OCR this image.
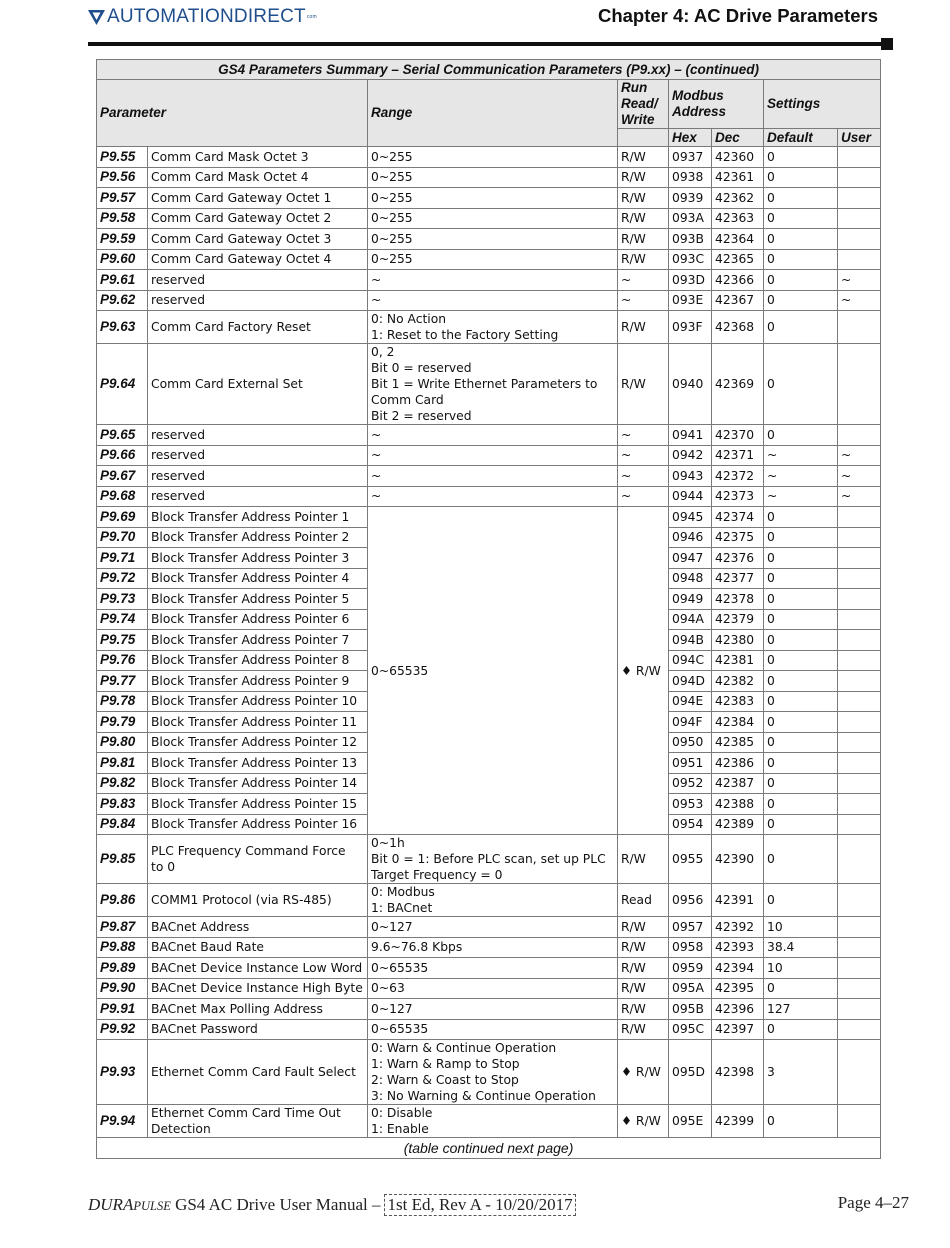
AUTOMATIONDIRECT com	Chapter 4: AC Drive Parameters
GS4 Parameters Summary – Serial Communication Parameters (P9.xx) – (continued)							
Parameter		Range	Run Read/ Write	Modbus Address		Settings	
				Hex	Dec	Default	User
P9.55	Comm Card Mask Octet 3	0~255	R/W	0937	42360	0	
P9.56	Comm Card Mask Octet 4	0~255	R/W	0938	42361	0	
P9.57	Comm Card Gateway Octet 1	0~255	R/W	0939	42362	0	
P9.58	Comm Card Gateway Octet 2	0~255	R/W	093A	42363	0	
P9.59	Comm Card Gateway Octet 3	0~255	R/W	093B	42364	0	
P9.60	Comm Card Gateway Octet 4	0~255	R/W	093C	42365	0	
P9.61	reserved	~	~	093D	42366	0	~
P9.62	reserved	~	~	093E	42367	0	~
P9.63	Comm Card Factory Reset	0: No Action
1: Reset to the Factory Setting	R/W	093F	42368	0	
P9.64	Comm Card External Set	0, 2
Bit 0 = reserved
Bit 1 = Write Ethernet Parameters to
Comm Card
Bit 2 = reserved	R/W	0940	42369	0	
P9.65	reserved	~	~	0941	42370	0	
P9.66	reserved	~	~	0942	42371	~	~
P9.67	reserved	~	~	0943	42372	~	~
P9.68	reserved	~	~	0944	42373	~	~
P9.69	Block Transfer Address Pointer 1	0~65535	♦ R/W	0945	42374	0	
P9.70	Block Transfer Address Pointer 2			0946	42375	0	
P9.71	Block Transfer Address Pointer 3			0947	42376	0	
P9.72	Block Transfer Address Pointer 4			0948	42377	0	
P9.73	Block Transfer Address Pointer 5			0949	42378	0	
P9.74	Block Transfer Address Pointer 6			094A	42379	0	
P9.75	Block Transfer Address Pointer 7			094B	42380	0	
P9.76	Block Transfer Address Pointer 8			094C	42381	0	
P9.77	Block Transfer Address Pointer 9			094D	42382	0	
P9.78	Block Transfer Address Pointer 10			094E	42383	0	
P9.79	Block Transfer Address Pointer 11			094F	42384	0	
P9.80	Block Transfer Address Pointer 12			0950	42385	0	
P9.81	Block Transfer Address Pointer 13			0951	42386	0	
P9.82	Block Transfer Address Pointer 14			0952	42387	0	
P9.83	Block Transfer Address Pointer 15			0953	42388	0	
P9.84	Block Transfer Address Pointer 16			0954	42389	0	
P9.85	PLC Frequency Command Force
to 0	0~1h
Bit 0 = 1: Before PLC scan, set up PLC
Target Frequency = 0	R/W	0955	42390	0	
P9.86	COMM1 Protocol (via RS-485)	0: Modbus
1: BACnet	Read	0956	42391	0	
P9.87	BACnet Address	0~127	R/W	0957	42392	10	
P9.88	BACnet Baud Rate	9.6~76.8 Kbps	R/W	0958	42393	38.4	
P9.89	BACnet Device Instance Low Word	0~65535	R/W	0959	42394	10	
P9.90	BACnet Device Instance High Byte	0~63	R/W	095A	42395	0	
P9.91	BACnet Max Polling Address	0~127	R/W	095B	42396	127	
P9.92	BACnet Password	0~65535	R/W	095C	42397	0	
P9.93	Ethernet Comm Card Fault Select	0: Warn & Continue Operation
1: Warn & Ramp to Stop
2: Warn & Coast to Stop
3: No Warning & Continue Operation	♦ R/W	095D	42398	3	
P9.94	Ethernet Comm Card Time Out
Detection	0: Disable
1: Enable	♦ R/W	095E	42399	0	
(table continued next page)							
DURAPULSE
GS4 AC Drive User Manual – 1st Ed, Rev A - 10/20/2017	Page 4–27
